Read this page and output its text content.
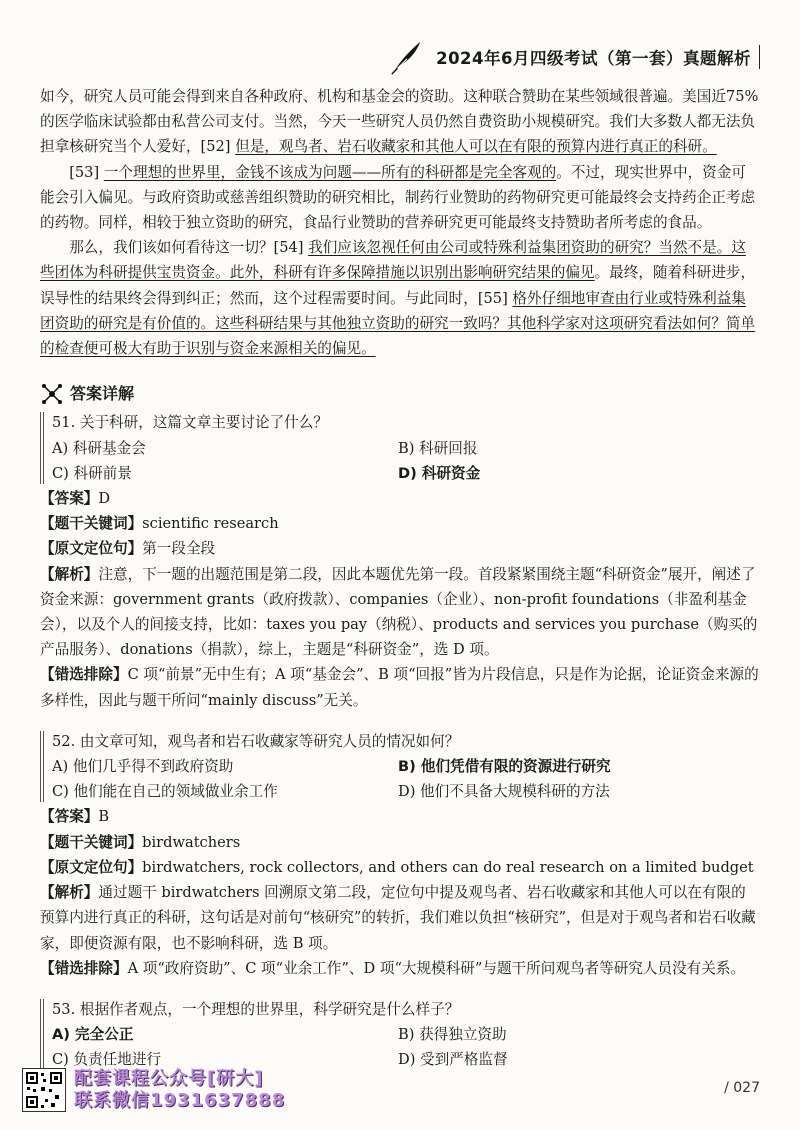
2024年6月四级考试（第一套）真题解析

如今，研究人员可能会得到来自各种政府、机构和基金会的资助。这种联合赞助在某些领域很普遍。美国近75%的医学临床试验都由私营公司支付。当然，今天一些研究人员仍然自费资助小规模研究。我们大多数人都无法负担拿核研究当个人爱好，[52] 但是，观鸟者、岩石收藏家和其他人可以在有限的预算内进行真正的科研。

[53] 一个理想的世界里，金钱不该成为问题——所有的科研都是完全客观的。不过，现实世界中，资金可能会引入偏见。与政府资助或慈善组织赞助的研究相比，制药行业赞助的药物研究更可能最终会支持药企正考虑的药物。同样，相较于独立资助的研究，食品行业赞助的营养研究更可能最终支持赞助者所考虑的食品。

那么，我们该如何看待这一切？[54] 我们应该忽视任何由公司或特殊利益集团资助的研究？当然不是。这些团体为科研提供宝贵资金。此外，科研有许多保障措施以识别出影响研究结果的偏见。最终，随着科研进步，误导性的结果终会得到纠正；然而，这个过程需要时间。与此同时，[55] 格外仔细地审查由行业或特殊利益集团资助的研究是有价值的。这些科研结果与其他独立资助的研究一致吗？其他科学家对这项研究看法如何？简单的检查便可极大有助于识别与资金来源相关的偏见。

答案详解
51. 关于科研，这篇文章主要讨论了什么？
A) 科研基金会	B) 科研回报
C) 科研前景	D) 科研资金

【答案】D

【题干关键词】scientific research

【原文定位句】第一段全段

【解析】注意，下一题的出题范围是第二段，因此本题优先第一段。首段紧紧围绕主题“科研资金”展开，阐述了资金来源：government grants（政府拨款）、companies（企业）、non-profit foundations（非盈利基金会），以及个人的间接支持，比如：taxes you pay（纳税）、products and services you purchase（购买的产品服务）、donations（捐款），综上，主题是“科研资金”，选 D 项。

【错选排除】C 项“前景”无中生有；A 项“基金会”、B 项“回报”皆为片段信息，只是作为论据，论证资金来源的多样性，因此与题干所问“mainly discuss”无关。

52. 由文章可知，观鸟者和岩石收藏家等研究人员的情况如何？
A) 他们几乎得不到政府资助	B) 他们凭借有限的资源进行研究
C) 他们能在自己的领域做业余工作	D) 他们不具备大规模科研的方法

【答案】B

【题干关键词】birdwatchers

【原文定位句】birdwatchers, rock collectors, and others can do real research on a limited budget

【解析】通过题干 birdwatchers 回溯原文第二段，定位句中提及观鸟者、岩石收藏家和其他人可以在有限的预算内进行真正的科研，这句话是对前句“核研究”的转折，我们难以负担“核研究”，但是对于观鸟者和岩石收藏家，即便资源有限，也不影响科研，选 B 项。

【错选排除】A 项“政府资助”、C 项“业余工作”、D 项“大规模科研”与题干所问观鸟者等研究人员没有关系。

53. 根据作者观点，一个理想的世界里，科学研究是什么样子？
A) 完全公正	B) 获得独立资助
C) 负责任地进行	D) 受到严格监督
配套课程公众号[研大]
联系微信1931637888
/ 027
